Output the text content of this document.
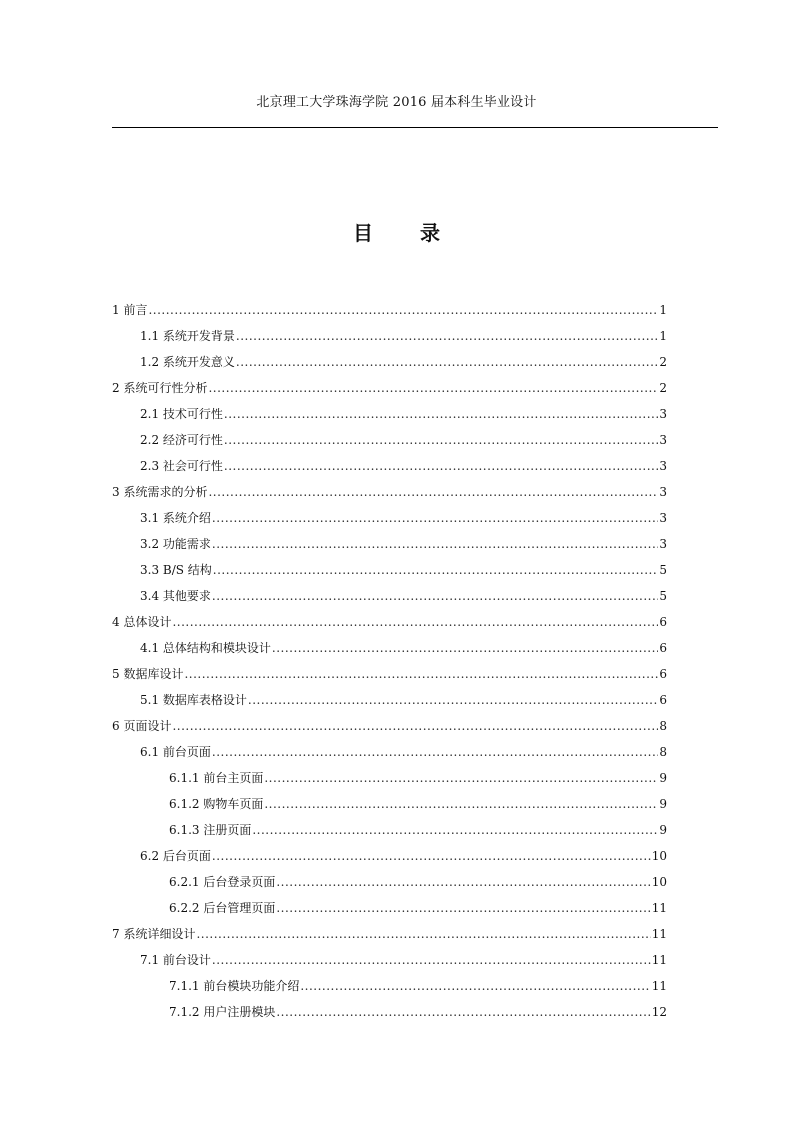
北京理工大学珠海学院 2016 届本科生毕业设计
目 录
1 前言 .....	1
1.1 系统开发背景 .....	1
1.2 系统开发意义 .....	2
2 系统可行性分析 .....	2
2.1 技术可行性 .....	3
2.2 经济可行性 .....	3
2.3 社会可行性 .....	3
3 系统需求的分析 .....	3
3.1 系统介绍 .....	3
3.2 功能需求 .....	3
3.3 B/S 结构 .....	5
3.4 其他要求 .....	5
4 总体设计 .....	6
4.1 总体结构和模块设计 .....	6
5 数据库设计 .....	6
5.1 数据库表格设计 .....	6
6 页面设计 .....	8
6.1 前台页面 .....	8
6.1.1 前台主页面 .....	9
6.1.2 购物车页面 .....	9
6.1.3 注册页面 .....	9
6.2 后台页面 .....	10
6.2.1 后台登录页面 .....	10
6.2.2 后台管理页面 .....	11
7 系统详细设计 .....	11
7.1 前台设计 .....	11
7.1.1 前台模块功能介绍 .....	11
7.1.2 用户注册模块 .....	12
